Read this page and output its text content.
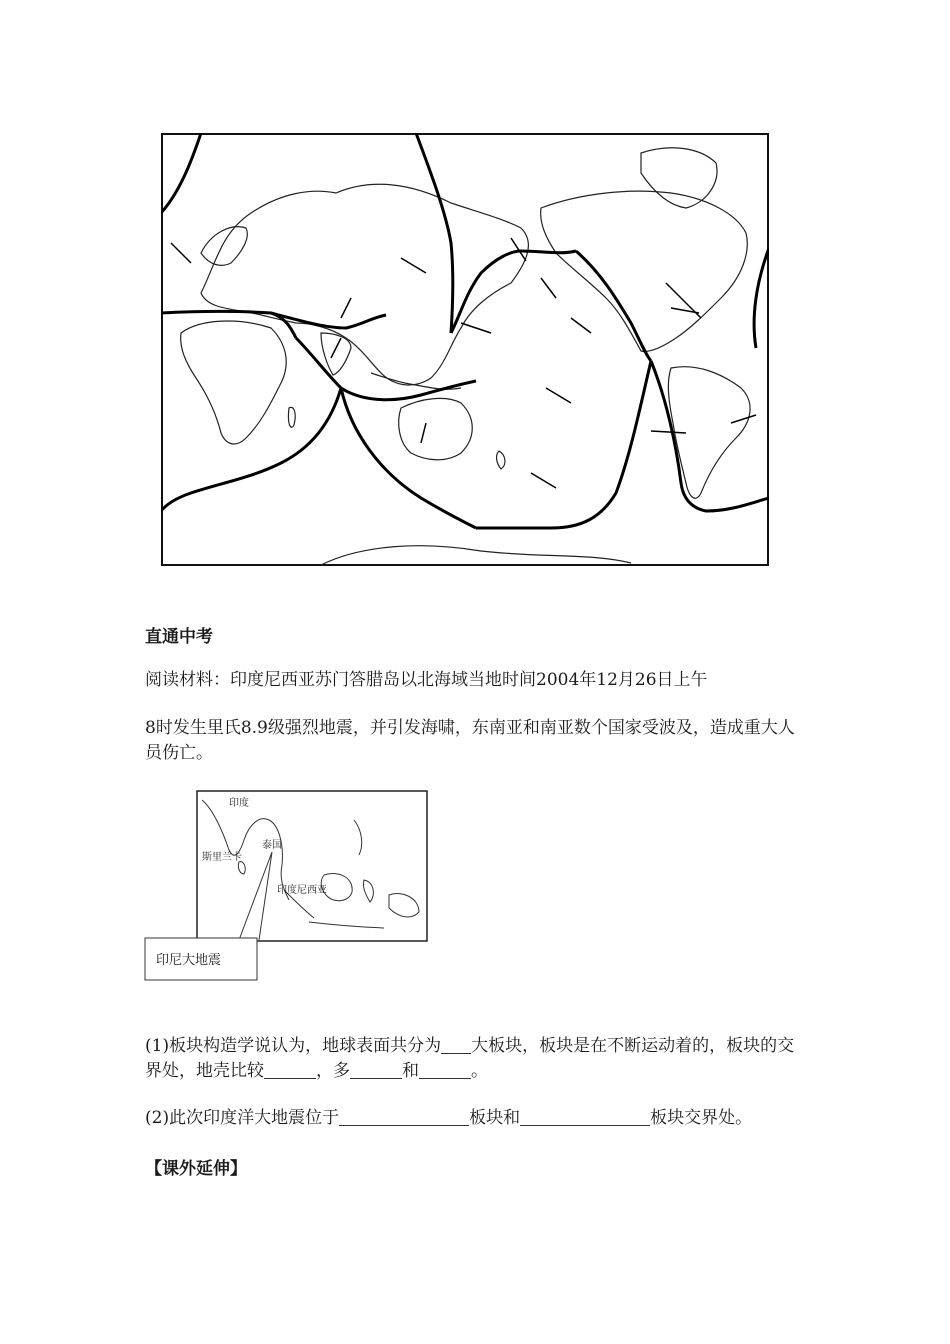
直通中考
阅读材料：印度尼西亚苏门答腊岛以北海域当地时间2004年12月26日上午
8时发生里氏8.9级强烈地震，并引发海啸，东南亚和南亚数个国家受波及，造成重大人员伤亡。
印度
斯里兰卡
泰国
印度尼西亚
印尼大地震
(1)板块构造学说认为，地球表面共分为 大板块，板块是在不断运动着的，板块的交界处，地壳比较	，多	和	。
(2)此次印度洋大地震位于	板块和	板块交界处。
【课外延伸】
